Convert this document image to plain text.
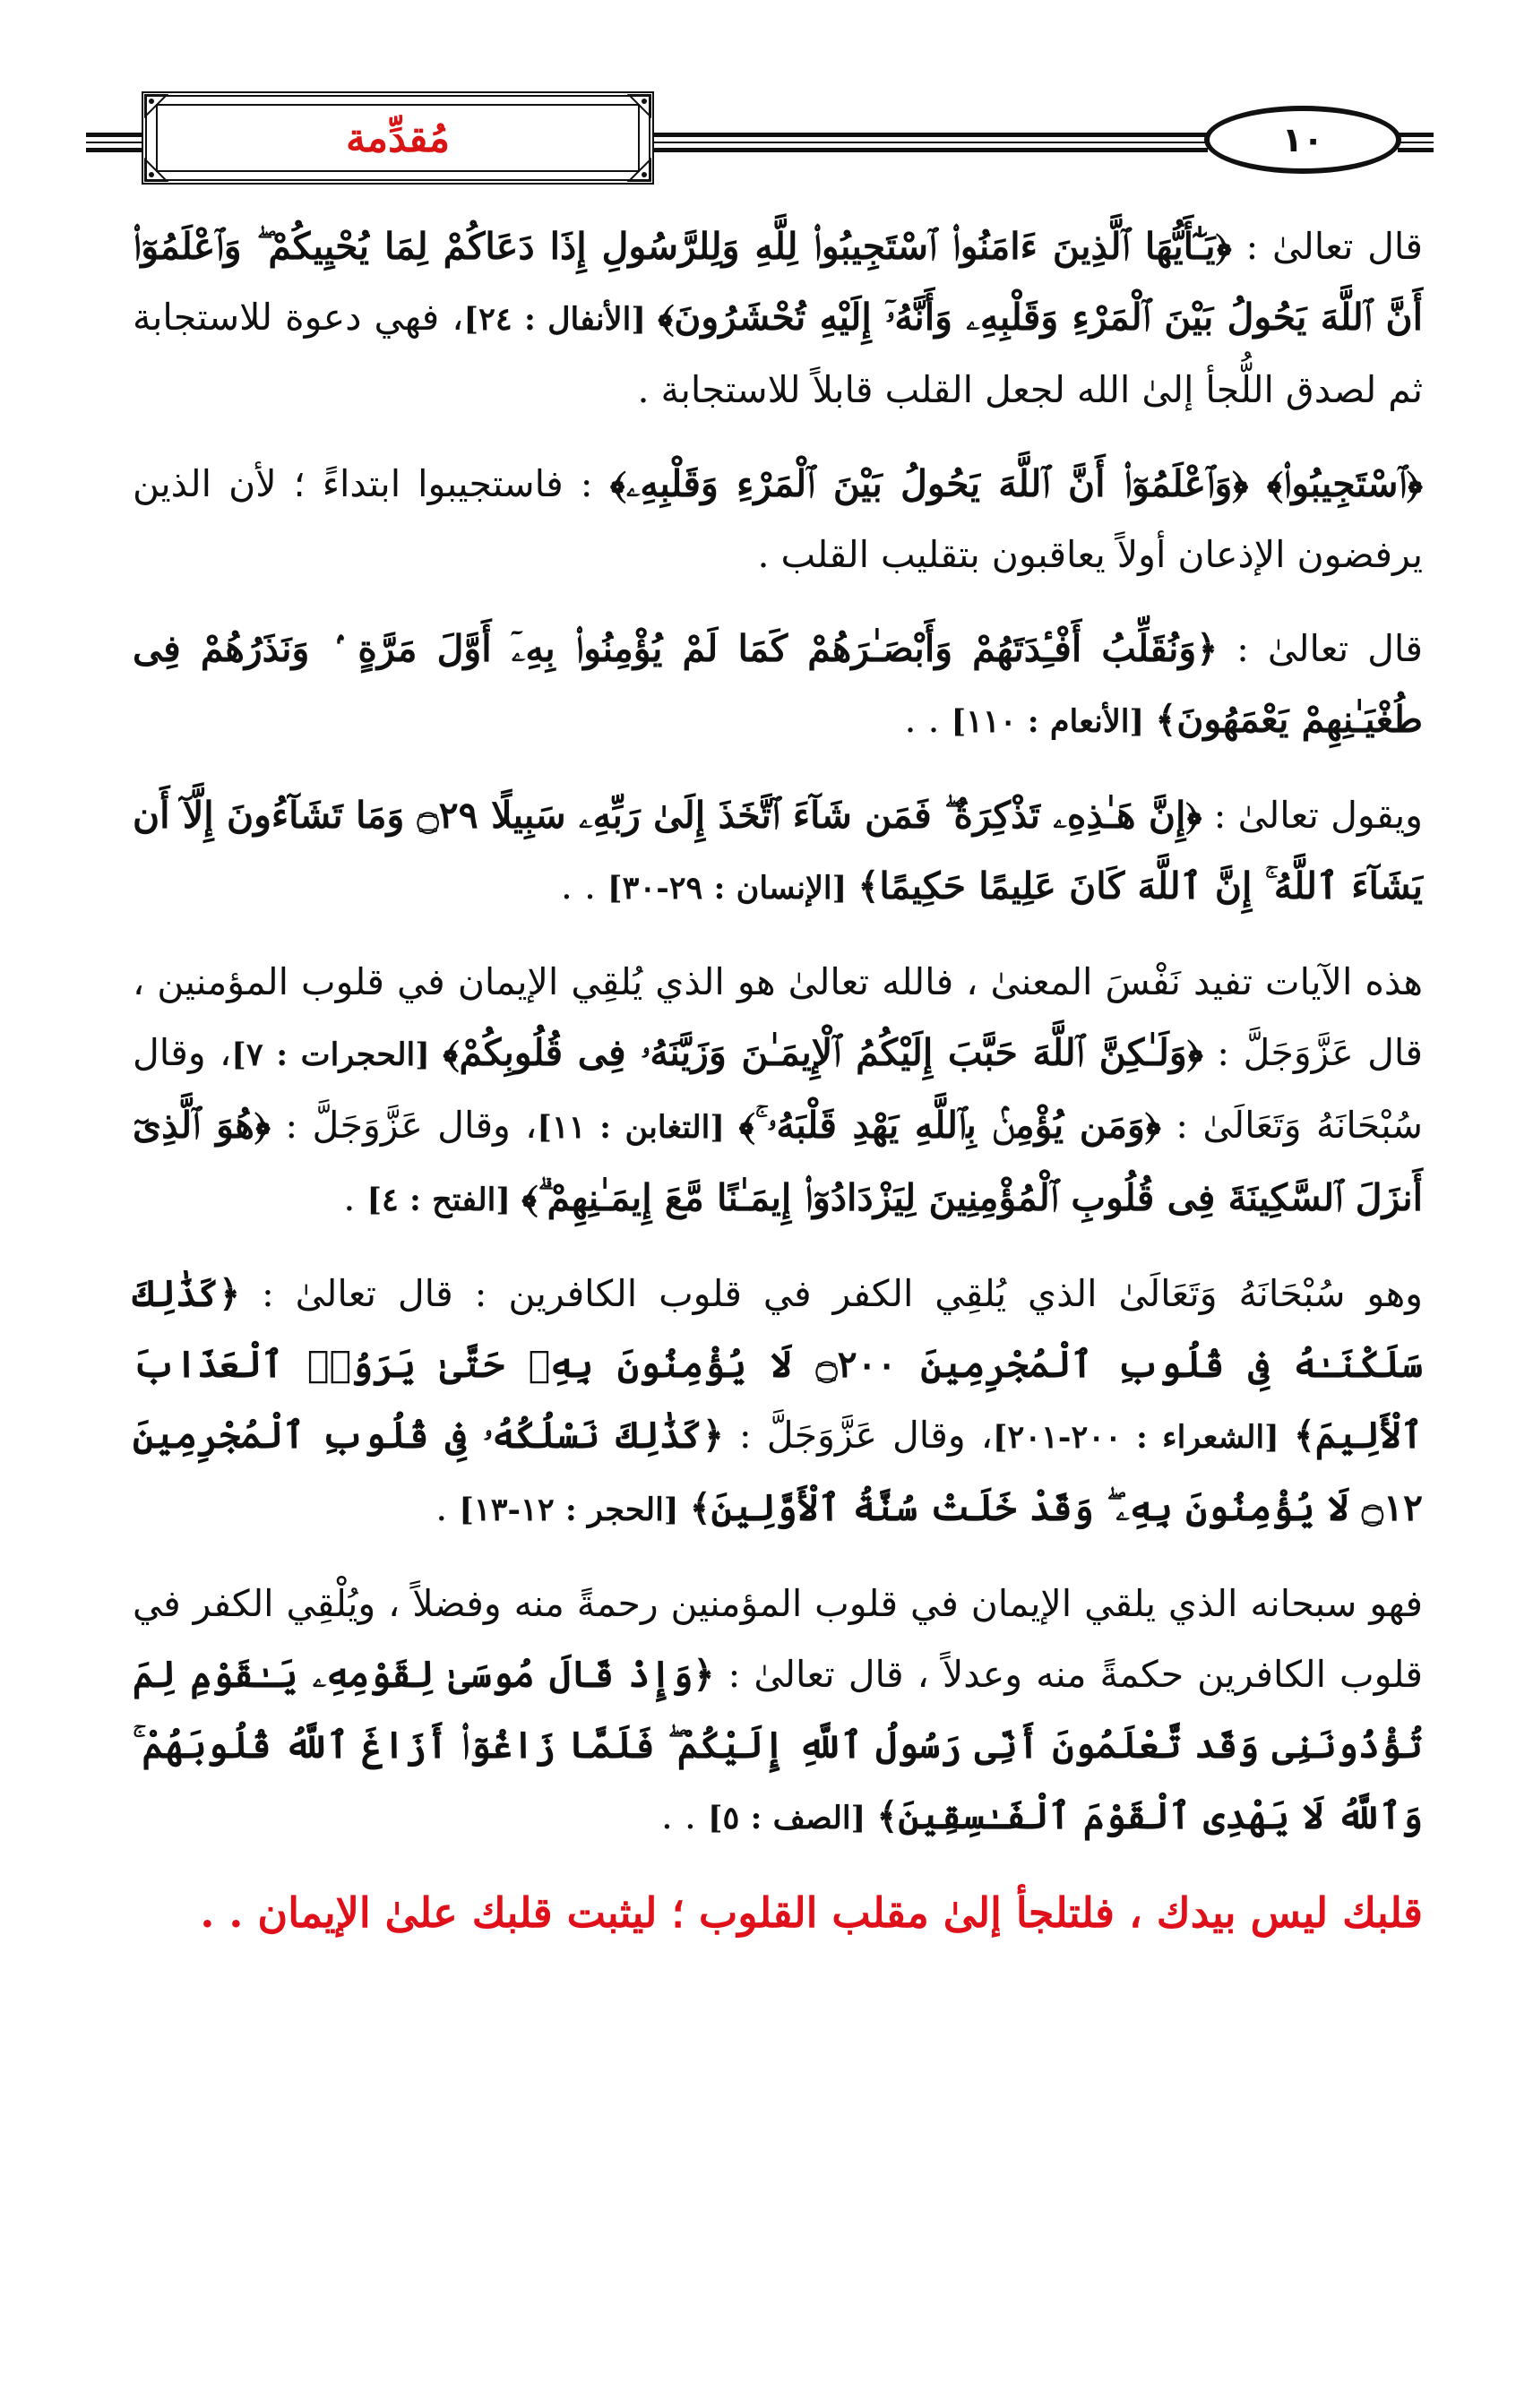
مُقدِّمة	١٠

قال تعالىٰ : ﴿يَـٰٓأَيُّهَا ٱلَّذِينَ ءَامَنُوا۟ ٱسْتَجِيبُوا۟ لِلَّهِ وَلِلرَّسُولِ إِذَا دَعَاكُمْ لِمَا يُحْيِيكُمْ ۖ وَٱعْلَمُوٓا۟ أَنَّ ٱللَّهَ يَحُولُ بَيْنَ ٱلْمَرْءِ وَقَلْبِهِۦ وَأَنَّهُۥٓ إِلَيْهِ تُحْشَرُونَ﴾ [الأنفال : ٢٤]، فهي دعوة للاستجابة ثم لصدق اللُّجأ إلىٰ الله لجعل القلب قابلاً للاستجابة .

﴿ٱسْتَجِيبُوا۟﴾ ﴿وَٱعْلَمُوٓا۟ أَنَّ ٱللَّهَ يَحُولُ بَيْنَ ٱلْمَرْءِ وَقَلْبِهِۦ﴾ : فاستجيبوا ابتداءً ؛ لأن الذين يرفضون الإذعان أولاً يعاقبون بتقليب القلب .

قال تعالىٰ : ﴿وَنُقَلِّبُ أَفْـِٔدَتَهُمْ وَأَبْصَـٰرَهُمْ كَمَا لَمْ يُؤْمِنُوا۟ بِهِۦٓ أَوَّلَ مَرَّةٍ ۢ وَنَذَرُهُمْ فِى طُغْيَـٰنِهِمْ يَعْمَهُونَ﴾ [الأنعام : ١١٠] . .

ويقول تعالىٰ : ﴿إِنَّ هَـٰذِهِۦ تَذْكِرَةٌ ۖ فَمَن شَآءَ ٱتَّخَذَ إِلَىٰ رَبِّهِۦ سَبِيلًا ۝٢٩ وَمَا تَشَآءُونَ إِلَّآ أَن يَشَآءَ ٱللَّهُ ۚ إِنَّ ٱللَّهَ كَانَ عَلِيمًا حَكِيمًا﴾ [الإنسان : ٢٩-٣٠] . .

هذه الآيات تفيد نَفْسَ المعنىٰ ، فالله تعالىٰ هو الذي يُلقِي الإيمان في قلوب المؤمنين ، قال عَزَّوَجَلَّ : ﴿وَلَـٰكِنَّ ٱللَّهَ حَبَّبَ إِلَيْكُمُ ٱلْإِيمَـٰنَ وَزَيَّنَهُۥ فِى قُلُوبِكُمْ﴾ [الحجرات : ٧]، وقال سُبْحَانَهُ وَتَعَالَىٰ : ﴿وَمَن يُؤْمِنۢ بِٱللَّهِ يَهْدِ قَلْبَهُۥ ۚ﴾ [التغابن : ١١]، وقال عَزَّوَجَلَّ : ﴿هُوَ ٱلَّذِىٓ أَنزَلَ ٱلسَّكِينَةَ فِى قُلُوبِ ٱلْمُؤْمِنِينَ لِيَزْدَادُوٓا۟ إِيمَـٰنًا مَّعَ إِيمَـٰنِهِمْ ۗ﴾ [الفتح : ٤] .

وهو سُبْحَانَهُ وَتَعَالَىٰ الذي يُلقِي الكفر في قلوب الكافرين : قال تعالىٰ : ﴿كَذَٰلِكَ سَلَكْنَـٰهُ فِى قُلُوبِ ٱلْمُجْرِمِينَ ۝٢٠٠ لَا يُؤْمِنُونَ بِهِۦ حَتَّىٰ يَرَوُا۟ ٱلْعَذَابَ ٱلْأَلِيمَ﴾ [الشعراء : ٢٠٠-٢٠١]، وقال عَزَّوَجَلَّ : ﴿كَذَٰلِكَ نَسْلُكُهُۥ فِى قُلُوبِ ٱلْمُجْرِمِينَ ۝١٢ لَا يُؤْمِنُونَ بِهِۦ ۖ وَقَدْ خَلَتْ سُنَّةُ ٱلْأَوَّلِينَ﴾ [الحجر : ١٢-١٣] .

فهو سبحانه الذي يلقي الإيمان في قلوب المؤمنين رحمةً منه وفضلاً ، ويُلْقِي الكفر في قلوب الكافرين حكمةً منه وعدلاً ، قال تعالىٰ : ﴿وَإِذْ قَالَ مُوسَىٰ لِقَوْمِهِۦ يَـٰقَوْمِ لِمَ تُؤْذُونَنِى وَقَد تَّعْلَمُونَ أَنِّى رَسُولُ ٱللَّهِ إِلَيْكُمْ ۖ فَلَمَّا زَاغُوٓا۟ أَزَاغَ ٱللَّهُ قُلُوبَهُمْ ۚ وَٱللَّهُ لَا يَهْدِى ٱلْقَوْمَ ٱلْفَـٰسِقِينَ﴾ [الصف : ٥] . .

قلبك ليس بيدك ، فلتلجأ إلىٰ مقلب القلوب ؛ ليثبت قلبك علىٰ الإيمان . .
